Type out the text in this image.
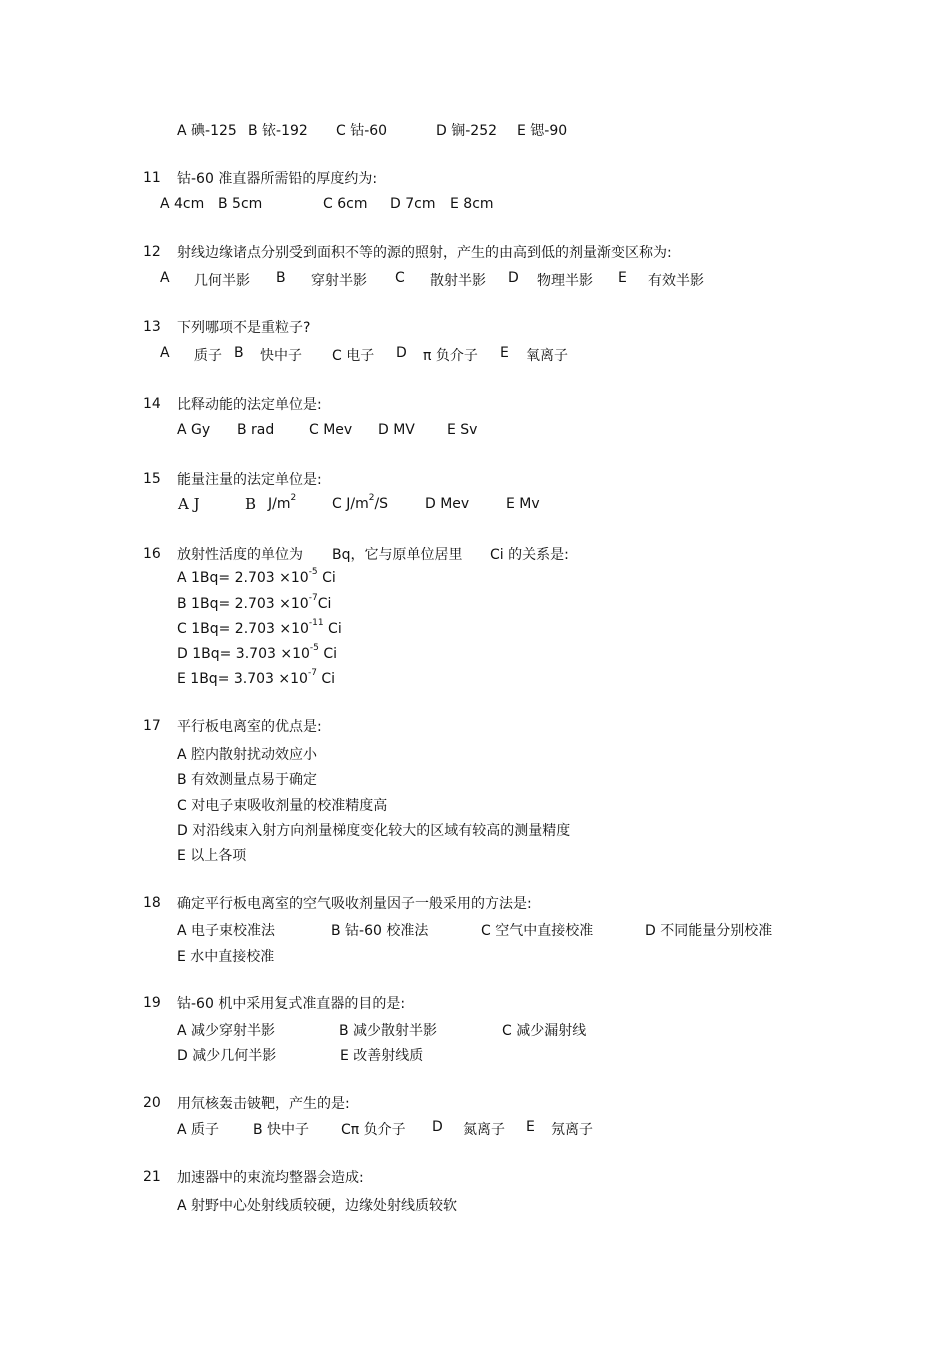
A 碘-125 B 铱-192 C 钴-60	D 锎-252 E 锶-90
11	钴-60 准直器所需铅的厚度约为:
A 4cm B 5cm	C 6cm D 7cm E 8cm
12	射线边缘诸点分别受到面积不等的源的照射，产生的由高到低的剂量渐变区称为:
A 几何半影 B 穿射半影 C 散射半影 D 物理半影 E 有效半影
13	下列哪项不是重粒子?
A 质子 B 快中子 C 电子 D π 负介子 E 氧离子
14	比释动能的法定单位是:
A Gy B rad C Mev D MV E Sv
15	能量注量的法定单位是:
A J	B $J/m^2$	C $J/m^2/S$	D Mev	E Mv
16	放射性活度的单位为 Bq，它与原单位居里 Ci 的关系是:
A $1Bq= 2.703 \times 10^{-5}$ Ci
B $1Bq= 2.703 \times 10^{-7}Ci$
C $1Bq= 2.703 \times 10^{-11}$ Ci
D $1Bq= 3.703 \times 10^{-5}$ Ci
E $1Bq= 3.703 \times 10^{-7}$ Ci
17	平行板电离室的优点是:
A 腔内散射扰动效应小
B 有效测量点易于确定
C 对电子束吸收剂量的校准精度高
D 对沿线束入射方向剂量梯度变化较大的区域有较高的测量精度
E 以上各项
18	确定平行板电离室的空气吸收剂量因子一般采用的方法是:
A 电子束校准法	B 钴-60 校准法	C 空气中直接校准	D 不同能量分别校准
E 水中直接校准
19	钴-60 机中采用复式准直器的目的是:
A 减少穿射半影	B 减少散射半影	C 减少漏射线
D 减少几何半影	E 改善射线质
20	用氘核轰击铍靶，产生的是:
A 质子 B 快中子 Cπ 负介子 D 氮离子 E 氖离子
21	加速器中的束流均整器会造成:
A 射野中心处射线质较硬，边缘处射线质较软
